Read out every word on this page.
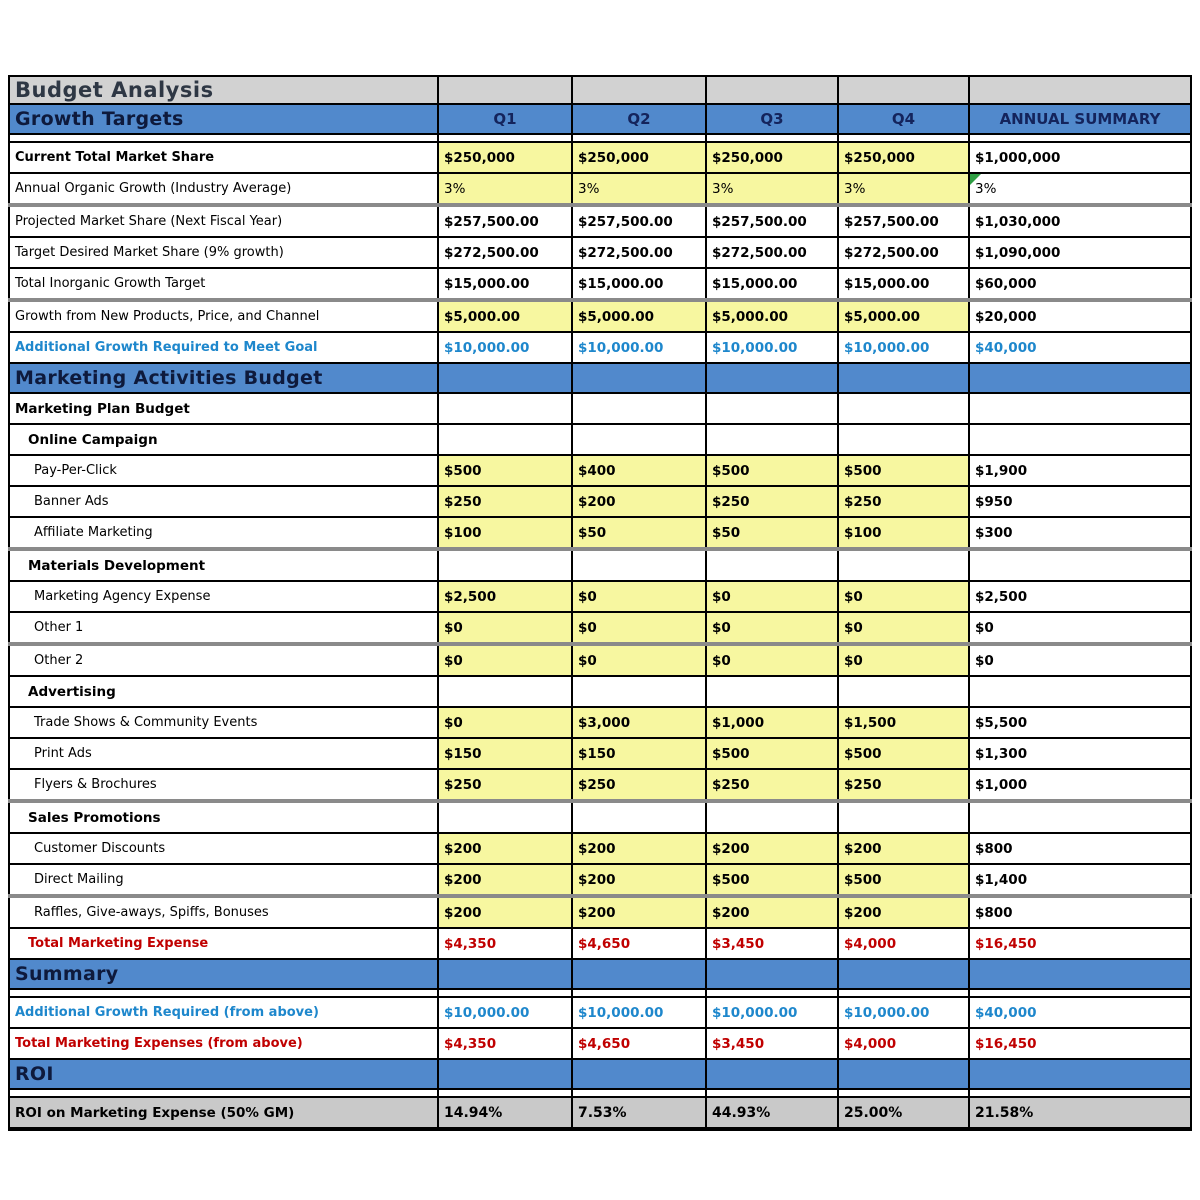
Budget Analysis					
Growth Targets	Q1	Q2	Q3	Q4	ANNUAL SUMMARY

Current Total Market Share	$250,000	$250,000	$250,000	$250,000	$1,000,000
Annual Organic Growth (Industry Average)	3%	3%	3%	3%	3%
Projected Market Share (Next Fiscal Year)	$257,500.00	$257,500.00	$257,500.00	$257,500.00	$1,030,000
Target Desired Market Share (9% growth)	$272,500.00	$272,500.00	$272,500.00	$272,500.00	$1,090,000
Total Inorganic Growth Target	$15,000.00	$15,000.00	$15,000.00	$15,000.00	$60,000
Growth from New Products, Price, and Channel	$5,000.00	$5,000.00	$5,000.00	$5,000.00	$20,000
Additional Growth Required to Meet Goal	$10,000.00	$10,000.00	$10,000.00	$10,000.00	$40,000
Marketing Activities Budget					
Marketing Plan Budget					
Online Campaign					
Pay-Per-Click	$500	$400	$500	$500	$1,900
Banner Ads	$250	$200	$250	$250	$950
Affiliate Marketing	$100	$50	$50	$100	$300
Materials Development					
Marketing Agency Expense	$2,500	$0	$0	$0	$2,500
Other 1	$0	$0	$0	$0	$0
Other 2	$0	$0	$0	$0	$0
Advertising					
Trade Shows & Community Events	$0	$3,000	$1,000	$1,500	$5,500
Print Ads	$150	$150	$500	$500	$1,300
Flyers & Brochures	$250	$250	$250	$250	$1,000
Sales Promotions					
Customer Discounts	$200	$200	$200	$200	$800
Direct Mailing	$200	$200	$500	$500	$1,400
Raffles, Give-aways, Spiffs, Bonuses	$200	$200	$200	$200	$800
Total Marketing Expense	$4,350	$4,650	$3,450	$4,000	$16,450
Summary					

Additional Growth Required (from above)	$10,000.00	$10,000.00	$10,000.00	$10,000.00	$40,000
Total Marketing Expenses (from above)	$4,350	$4,650	$3,450	$4,000	$16,450
ROI					

ROI on Marketing Expense (50% GM)	14.94%	7.53%	44.93%	25.00%	21.58%
